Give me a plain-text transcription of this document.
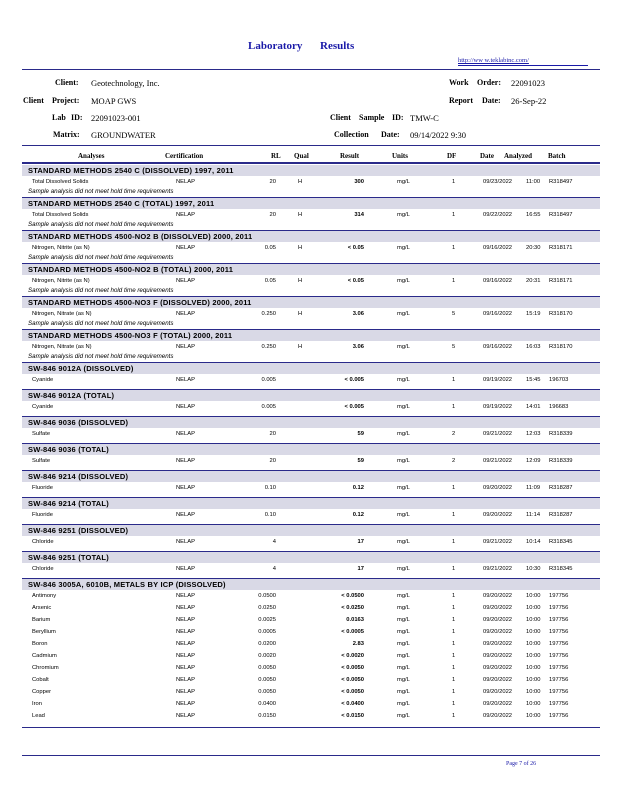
Laboratory Results
http://ww w.teklabinc.com/
Client: Geotechnology, Inc.	Work Order: 22091023
Client Project: MOAP GWS	Report Date: 26-Sep-22
Lab ID: 22091023-001	Client Sample ID: TMW-C
Matrix: GROUNDWATER	Collection Date: 09/14/2022 9:30
Analyses	Certification	RL Qual	Result	Units	DF	Date Analyzed Batch
STANDARD METHODS 2540 C (DISSOLVED) 1997, 2011
Total Dissolved Solids	NELAP	20	H	300	mg/L	1	09/23/2022 11:00 R318497
Sample analysis did not meet hold time requirements
STANDARD METHODS 2540 C (TOTAL) 1997, 2011
Total Dissolved Solids	NELAP	20	H	314	mg/L	1	09/22/2022 16:55 R318497
Sample analysis did not meet hold time requirements
STANDARD METHODS 4500-NO2 B (DISSOLVED) 2000, 2011
Nitrogen, Nitrite (as N)	NELAP	0.05	H	< 0.05	mg/L	1	09/16/2022 20:30 R318171
Sample analysis did not meet hold time requirements
STANDARD METHODS 4500-NO2 B (TOTAL) 2000, 2011
Nitrogen, Nitrite (as N)	NELAP	0.05	H	< 0.05	mg/L	1	09/16/2022 20:31 R318171
Sample analysis did not meet hold time requirements
STANDARD METHODS 4500-NO3 F (DISSOLVED) 2000, 2011
Nitrogen, Nitrate (as N)	NELAP	0.250	H	3.06	mg/L	5	09/16/2022 15:19 R318170
Sample analysis did not meet hold time requirements
STANDARD METHODS 4500-NO3 F (TOTAL) 2000, 2011
Nitrogen, Nitrate (as N)	NELAP	0.250	H	3.06	mg/L	5	09/16/2022 16:03 R318170
Sample analysis did not meet hold time requirements
SW-846 9012A (DISSOLVED)
Cyanide	NELAP	0.005	< 0.005	mg/L	1	09/19/2022 15:45 196703
SW-846 9012A (TOTAL)
Cyanide	NELAP	0.005	< 0.005	mg/L	1	09/19/2022 14:01 196683
SW-846 9036 (DISSOLVED)
Sulfate	NELAP	20	59	mg/L	2	09/21/2022 12:03 R318339
SW-846 9036 (TOTAL)
Sulfate	NELAP	20	59	mg/L	2	09/21/2022 12:09 R318339
SW-846 9214 (DISSOLVED)
Fluoride	NELAP	0.10	0.12	mg/L	1	09/20/2022 11:09 R318287
SW-846 9214 (TOTAL)
Fluoride	NELAP	0.10	0.12	mg/L	1	09/20/2022 11:14 R318287
SW-846 9251 (DISSOLVED)
Chloride	NELAP	4	17	mg/L	1	09/21/2022 10:14 R318345
SW-846 9251 (TOTAL)
Chloride	NELAP	4	17	mg/L	1	09/21/2022 10:30 R318345
SW-846 3005A, 6010B, METALS BY ICP (DISSOLVED)
Antimony	NELAP	0.0500	< 0.0500	mg/L	1	09/20/2022 10:00 197756
Arsenic	NELAP	0.0250	< 0.0250	mg/L	1	09/20/2022 10:00 197756
Barium	NELAP	0.0025	0.0163	mg/L	1	09/20/2022 10:00 197756
Beryllium	NELAP	0.0005	< 0.0005	mg/L	1	09/20/2022 10:00 197756
Boron	NELAP	0.0200	2.83	mg/L	1	09/20/2022 10:00 197756
Cadmium	NELAP	0.0020	< 0.0020	mg/L	1	09/20/2022 10:00 197756
Chromium	NELAP	0.0050	< 0.0050	mg/L	1	09/20/2022 10:00 197756
Cobalt	NELAP	0.0050	< 0.0050	mg/L	1	09/20/2022 10:00 197756
Copper	NELAP	0.0050	< 0.0050	mg/L	1	09/20/2022 10:00 197756
Iron	NELAP	0.0400	< 0.0400	mg/L	1	09/20/2022 10:00 197756
Lead	NELAP	0.0150	< 0.0150	mg/L	1	09/20/2022 10:00 197756
Page 7 of 26
